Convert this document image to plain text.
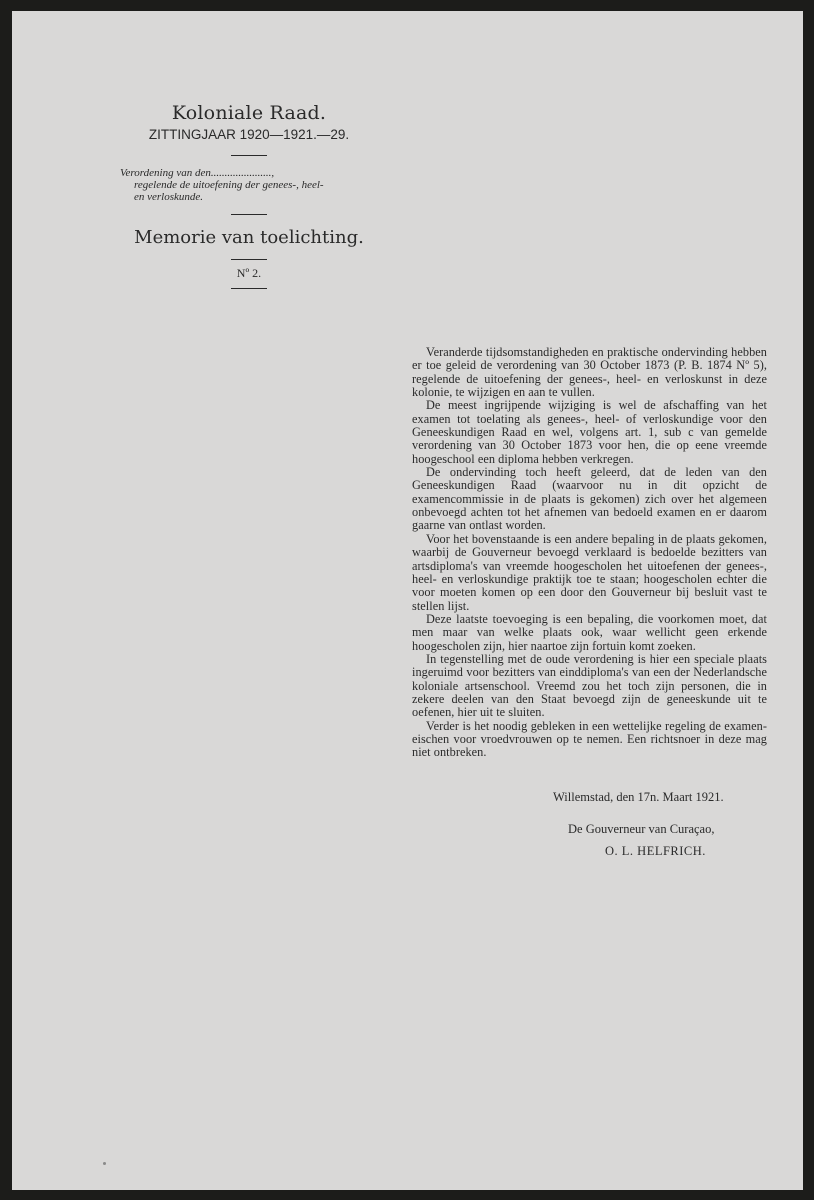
Koloniale Raad.
ZITTINGJAAR 1920—1921.—29.
Verordening van den......................,
regelende de uitoefening der genees-, heel-
en verloskunde.
Memorie van toelichting.
Nº 2.

Veranderde tijdsomstandigheden en praktische ondervinding hebben er toe geleid de verordening van 30 October 1873 (P. B. 1874 Nº 5), regelende de uitoefening der genees-, heel- en verloskunst in deze kolonie, te wijzigen en aan te vullen.

De meest ingrijpende wijziging is wel de afschaffing van het examen tot toelating als genees-, heel- of verloskundige voor den Geneeskundigen Raad en wel, volgens art. 1, sub c van gemelde verordening van 30 October 1873 voor hen, die op eene vreemde hoogeschool een diploma hebben verkregen.

De ondervinding toch heeft geleerd, dat de leden van den Geneeskundigen Raad (waarvoor nu in dit opzicht de examencommissie in de plaats is gekomen) zich over het algemeen onbevoegd achten tot het afnemen van bedoeld examen en er daarom gaarne van ontlast worden.

Voor het bovenstaande is een andere bepaling in de plaats gekomen, waarbij de Gouverneur bevoegd verklaard is bedoelde bezitters van artsdiploma's van vreemde hoogescholen het uitoefenen der genees-, heel- en verloskundige praktijk toe te staan; hoogescholen echter die voor moeten komen op een door den Gouverneur bij besluit vast te stellen lijst.

Deze laatste toevoeging is een bepaling, die voorkomen moet, dat men maar van welke plaats ook, waar wellicht geen erkende hoogescholen zijn, hier naartoe zijn fortuin komt zoeken.

In tegenstelling met de oude verordening is hier een speciale plaats ingeruimd voor bezitters van einddiploma's van een der Nederlandsche koloniale artsenschool. Vreemd zou het toch zijn personen, die in zekere deelen van den Staat bevoegd zijn de geneeskunde uit te oefenen, hier uit te sluiten.

Verder is het noodig gebleken in een wettelijke regeling de examen-eischen voor vroedvrouwen op te nemen. Een richtsnoer in deze mag niet ontbreken.

Willemstad, den 17n. Maart 1921.
De Gouverneur van Curaçao,
O. L. HELFRICH.
